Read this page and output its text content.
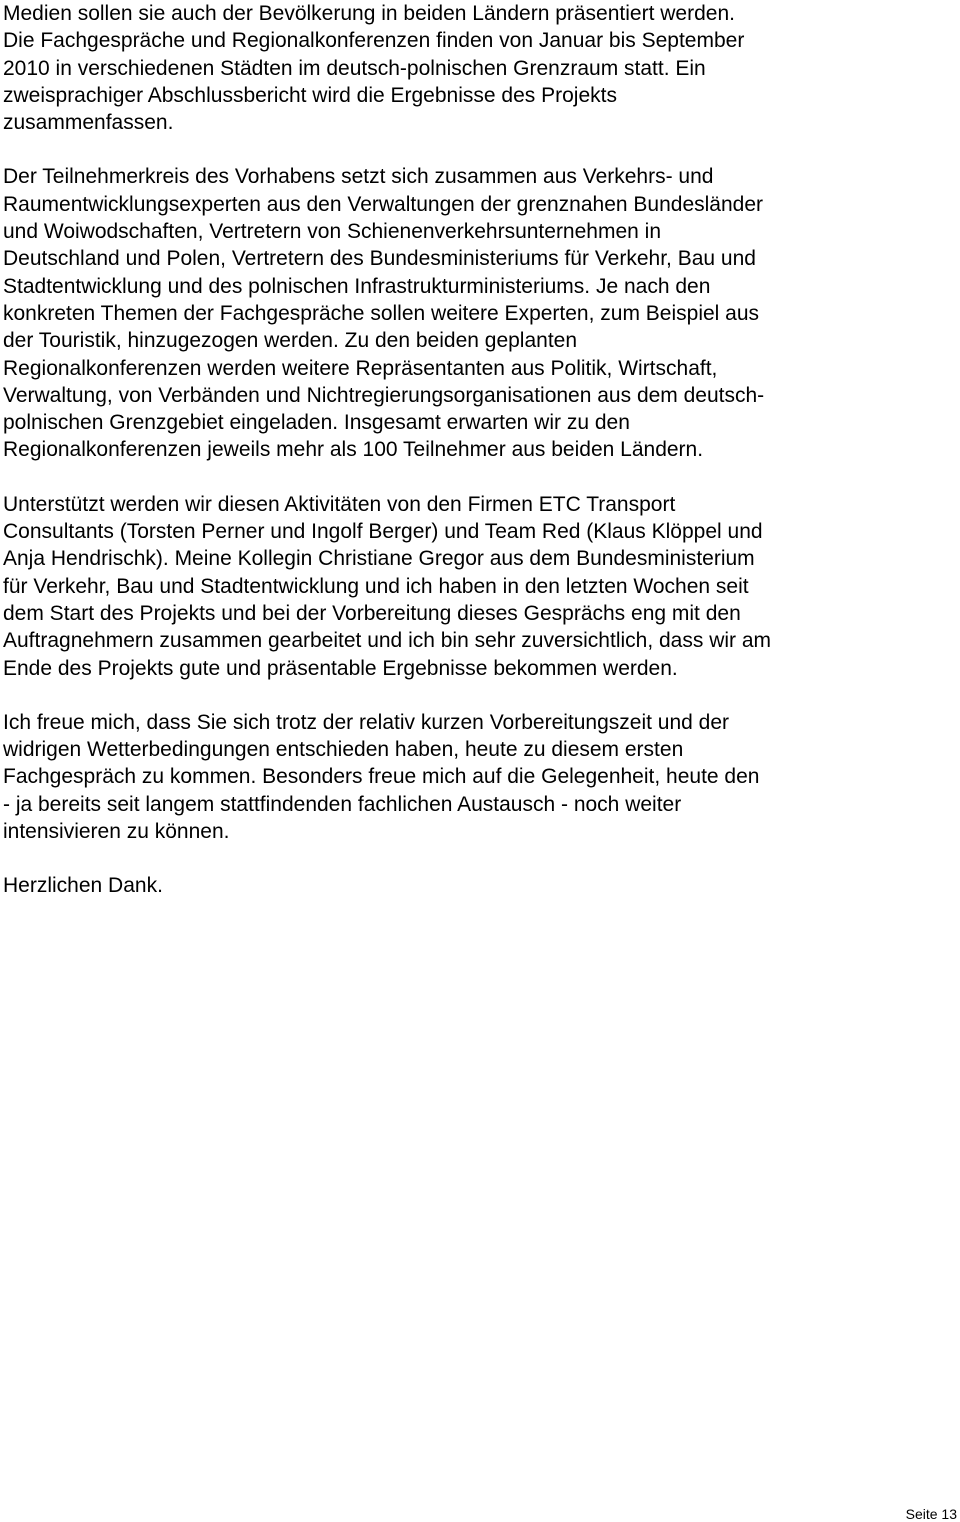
Medien sollen sie auch der Bevölkerung in beiden Ländern präsentiert werden.
Die Fachgespräche und Regionalkonferenzen finden von Januar bis September
2010 in verschiedenen Städten im deutsch-polnischen Grenzraum statt. Ein
zweisprachiger Abschlussbericht wird die Ergebnisse des Projekts
zusammenfassen.

Der Teilnehmerkreis des Vorhabens setzt sich zusammen aus Verkehrs- und
Raumentwicklungsexperten aus den Verwaltungen der grenznahen Bundesländer
und Woiwodschaften, Vertretern von Schienenverkehrsunternehmen in
Deutschland und Polen, Vertretern des Bundesministeriums für Verkehr, Bau und
Stadtentwicklung und des polnischen Infrastrukturministeriums. Je nach den
konkreten Themen der Fachgespräche sollen weitere Experten, zum Beispiel aus
der Touristik, hinzugezogen werden. Zu den beiden geplanten
Regionalkonferenzen werden weitere Repräsentanten aus Politik, Wirtschaft,
Verwaltung, von Verbänden und Nichtregierungsorganisationen aus dem deutsch-
polnischen Grenzgebiet eingeladen. Insgesamt erwarten wir zu den
Regionalkonferenzen jeweils mehr als 100 Teilnehmer aus beiden Ländern.

Unterstützt werden wir diesen Aktivitäten von den Firmen ETC Transport
Consultants (Torsten Perner und Ingolf Berger) und Team Red (Klaus Klöppel und
Anja Hendrischk). Meine Kollegin Christiane Gregor aus dem Bundesministerium
für Verkehr, Bau und Stadtentwicklung und ich haben in den letzten Wochen seit
dem Start des Projekts und bei der Vorbereitung dieses Gesprächs eng mit den
Auftragnehmern zusammen gearbeitet und ich bin sehr zuversichtlich, dass wir am
Ende des Projekts gute und präsentable Ergebnisse bekommen werden.

Ich freue mich, dass Sie sich trotz der relativ kurzen Vorbereitungszeit und der
widrigen Wetterbedingungen entschieden haben, heute zu diesem ersten
Fachgespräch zu kommen. Besonders freue mich auf die Gelegenheit, heute den
- ja bereits seit langem stattfindenden fachlichen Austausch - noch weiter
intensivieren zu können.

Herzlichen Dank.

Seite 13
